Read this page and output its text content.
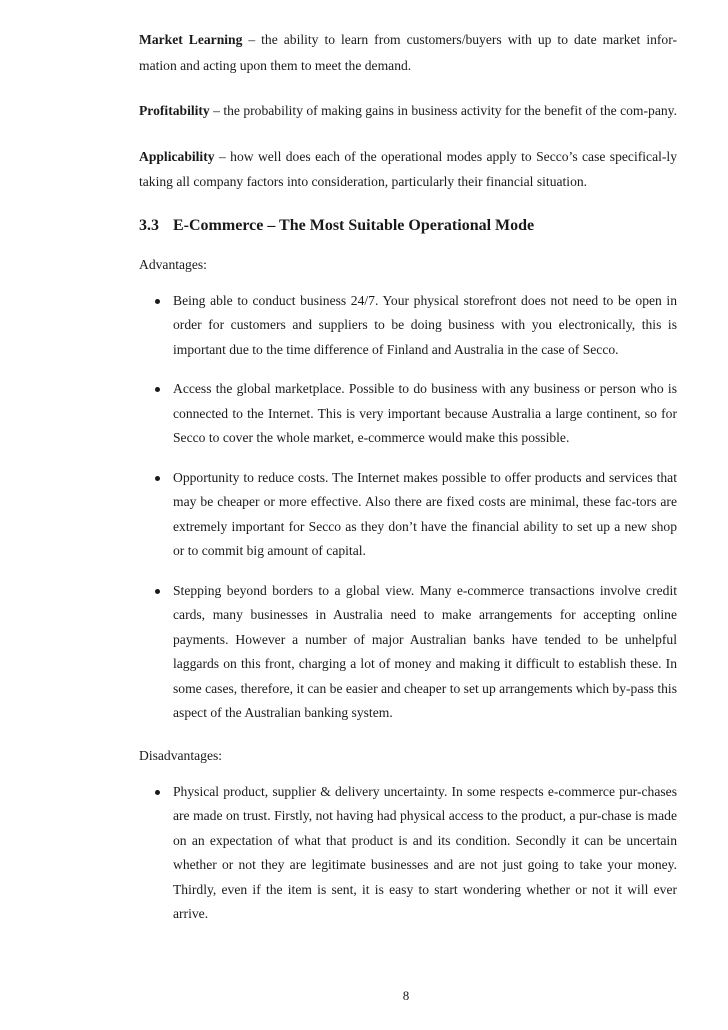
Market Learning – the ability to learn from customers/buyers with up to date market infor-mation and acting upon them to meet the demand.

Profitability – the probability of making gains in business activity for the benefit of the com-pany.

Applicability – how well does each of the operational modes apply to Secco’s case specifical-ly taking all company factors into consideration, particularly their financial situation.

3.3 E-Commerce – The Most Suitable Operational Mode
Advantages:
Being able to conduct business 24/7. Your physical storefront does not need to be open in order for customers and suppliers to be doing business with you electronically, this is important due to the time difference of Finland and Australia in the case of Secco.
Access the global marketplace. Possible to do business with any business or person who is connected to the Internet. This is very important because Australia a large continent, so for Secco to cover the whole market, e-commerce would make this possible.
Opportunity to reduce costs. The Internet makes possible to offer products and services that may be cheaper or more effective. Also there are fixed costs are minimal, these fac-tors are extremely important for Secco as they don’t have the financial ability to set up a new shop or to commit big amount of capital.
Stepping beyond borders to a global view. Many e-commerce transactions involve credit cards, many businesses in Australia need to make arrangements for accepting online payments. However a number of major Australian banks have tended to be unhelpful laggards on this front, charging a lot of money and making it difficult to establish these. In some cases, therefore, it can be easier and cheaper to set up arrangements which by-pass this aspect of the Australian banking system.
Disadvantages:
Physical product, supplier & delivery uncertainty. In some respects e-commerce pur-chases are made on trust. Firstly, not having had physical access to the product, a pur-chase is made on an expectation of what that product is and its condition. Secondly it can be uncertain whether or not they are legitimate businesses and are not just going to take your money. Thirdly, even if the item is sent, it is easy to start wondering whether or not it will ever arrive.
8
